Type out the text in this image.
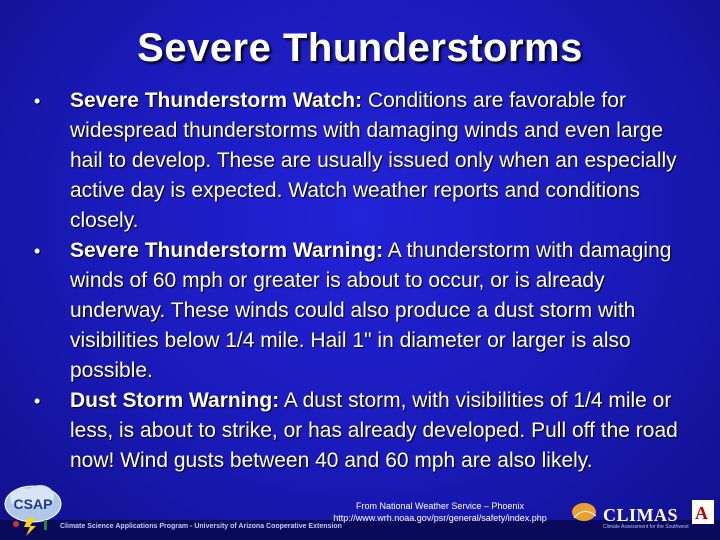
Severe Thunderstorms
• Severe Thunderstorm Watch: Conditions are favorable for widespread thunderstorms with damaging winds and even large hail to develop. These are usually issued only when an especially active day is expected. Watch weather reports and conditions closely.
• Severe Thunderstorm Warning: A thunderstorm with damaging winds of 60 mph or greater is about to occur, or is already underway. These winds could also produce a dust storm with visibilities below 1/4 mile. Hail 1" in diameter or larger is also possible.
• Dust Storm Warning: A dust storm, with visibilities of 1/4 mile or less, is about to strike, or has already developed. Pull off the road now! Wind gusts between 40 and 60 mph are also likely.
From National Weather Service – Phoenix
http://www.wrh.noaa.gov/psr/general/safety/index.php
Climate Science Applications Program - University of Arizona Cooperative Extension
CSAP
CLIMAS
Climate Assessment for the Southwest
A
